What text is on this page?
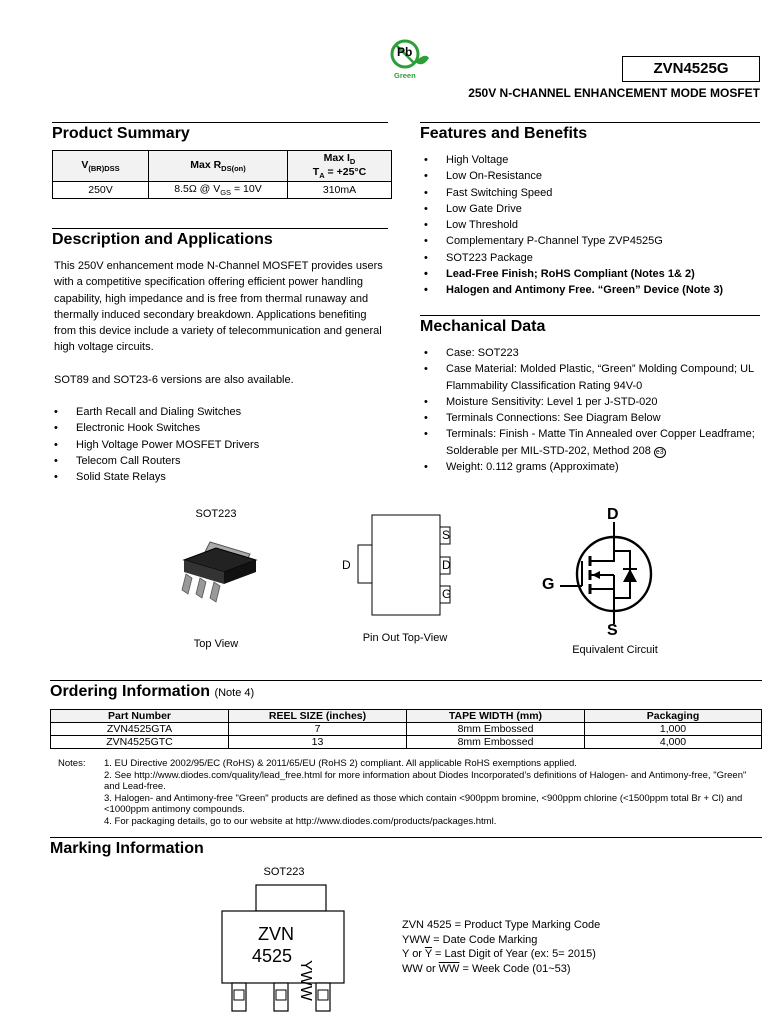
Pb
Green	ZVN4525G
250V N-CHANNEL ENHANCEMENT MODE MOSFET
Product Summary
$V_{(BR)DSS}$	Max $R_{DS(on)}$	Max $I_D$
$T_A = +25^\circ C$

250V	8.5Ω @ $V_{GS} = 10V$	310mA
Description and Applications
This 250V enhancement mode N-Channel MOSFET provides users with a competitive specification offering efficient power handling capability, high impedance and is free from thermal runaway and thermally induced secondary breakdown. Applications benefiting from this device include a variety of telecommunication and general high voltage circuits.
SOT89 and SOT23-6 versions are also available.
• Earth Recall and Dialing Switches
• Electronic Hook Switches
• High Voltage Power MOSFET Drivers
• Telecom Call Routers
• Solid State Relays
Features and Benefits
• High Voltage
• Low On-Resistance
• Fast Switching Speed
• Low Gate Drive
• Low Threshold
• Complementary P-Channel Type ZVP4525G
• SOT223 Package
• Lead-Free Finish; RoHS Compliant (Notes 1& 2)
• Halogen and Antimony Free. “Green” Device (Note 3)
Mechanical Data
• Case: SOT223
• Case Material: Molded Plastic, “Green” Molding Compound; UL Flammability Classification Rating 94V-0
• Moisture Sensitivity: Level 1 per J-STD-020
• Terminals Connections: See Diagram Below
• Terminals: Finish - Matte Tin Annealed over Copper Leadframe; Solderable per MIL-STD-202, Method 208 e3
• Weight: 0.112 grams (Approximate)
SOT223
Top View
D
S
D
G
Pin Out Top-View
D
G
S
Equivalent Circuit
Ordering Information (Note 4)
Part Number	REEL SIZE (inches)	TAPE WIDTH (mm)	Packaging
ZVN4525GTA	7	8mm Embossed	1,000
ZVN4525GTC	13	8mm Embossed	4,000
Notes: 1. EU Directive 2002/95/EC (RoHS) & 2011/65/EU (RoHS 2) compliant. All applicable RoHS exemptions applied.
2. See http://www.diodes.com/quality/lead_free.html for more information about Diodes Incorporated’s definitions of Halogen- and Antimony-free, "Green" and Lead-free.
3. Halogen- and Antimony-free "Green" products are defined as those which contain <900ppm bromine, <900ppm chlorine (<1500ppm total Br + Cl) and <1000ppm antimony compounds.
4. For packaging details, go to our website at http://www.diodes.com/products/packages.html.
Marking Information
SOT223
ZVN
4525
YWW
ZVN 4525 = Product Type Marking Code
YWW = Date Code Marking
Y or $\overline{Y}$ = Last Digit of Year (ex: 5= 2015)
WW or $\overline{WW}$ = Week Code (01~53)
